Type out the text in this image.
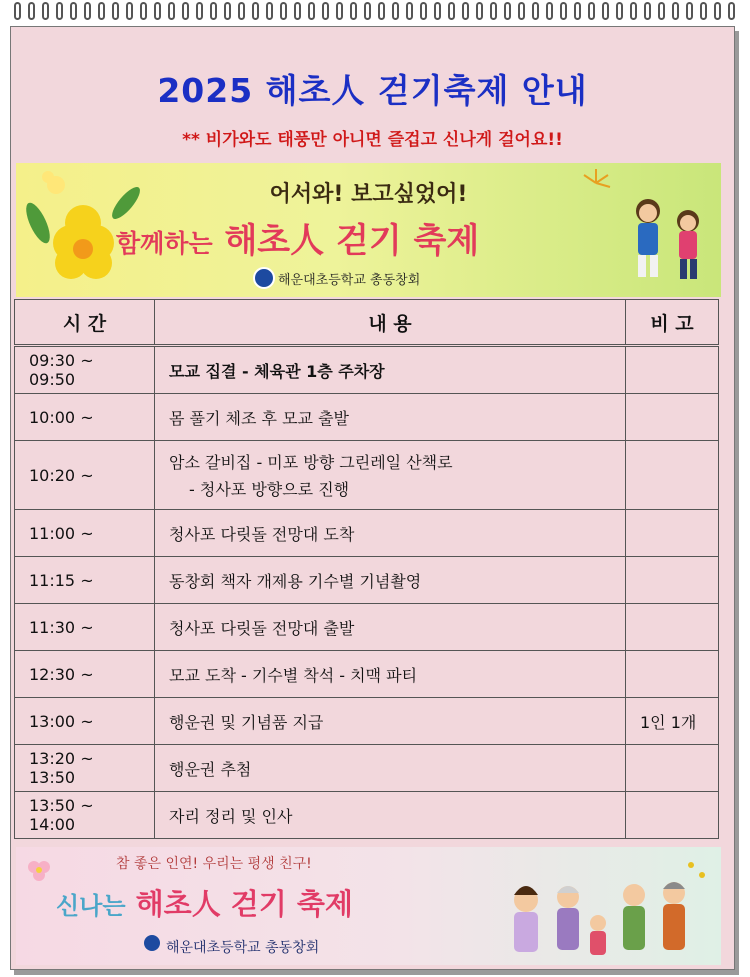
2025 해초人 걷기축제 안내
** 비가와도 태풍만 아니면 즐겁고 신나게 걸어요!!
어서와! 보고싶었어!
함께하는 해초人 걷기 축제
해운대초등학교 총동창회
시 간	내 용	비 고
09:30 ~ 09:50	모교 집결 - 체육관 1층 주차장	
10:00 ~	몸 풀기 체조 후 모교 출발	
10:20 ~	암소 갈비집 - 미포 방향 그린레일 산책로
- 청사포 방향으로 진행	

11:00 ~	청사포 다릿돌 전망대 도착	
11:15 ~	동창회 책자 개제용 기수별 기념촬영	
11:30 ~	청사포 다릿돌 전망대 출발	
12:30 ~	모교 도착 - 기수별 착석 - 치맥 파티	
13:00 ~	행운권 및 기념품 지급	1인 1개
13:20 ~ 13:50	행운권 추첨	
13:50 ~ 14:00	자리 정리 및 인사	
참 좋은 인연! 우리는 평생 친구!
신나는 해초人 걷기 축제
해운대초등학교 총동창회
